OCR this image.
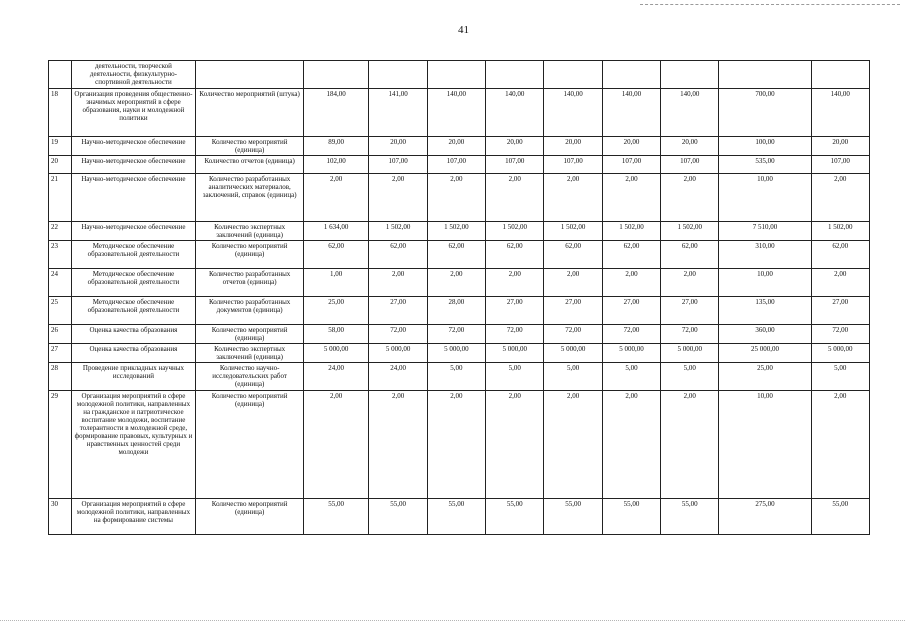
41
	деятельности, творческой деятельности, физкультурно-спортивной деятельности										
18	Организация проведения общественно-значимых мероприятий в сфере образования, науки и молодежной политики	Количество мероприятий (штука)	184,00	141,00	140,00	140,00	140,00	140,00	140,00	700,00	140,00
19	Научно-методическое обеспечение	Количество мероприятий (единица)	89,00	20,00	20,00	20,00	20,00	20,00	20,00	100,00	20,00
20	Научно-методическое обеспечение	Количество отчетов (единица)	102,00	107,00	107,00	107,00	107,00	107,00	107,00	535,00	107,00
21	Научно-методическое обеспечение	Количество разработанных аналитических материалов, заключений, справок (единица)	2,00	2,00	2,00	2,00	2,00	2,00	2,00	10,00	2,00
22	Научно-методическое обеспечение	Количество экспертных заключений (единица)	1 634,00	1 502,00	1 502,00	1 502,00	1 502,00	1 502,00	1 502,00	7 510,00	1 502,00
23	Методическое обеспечение образовательной деятельности	Количество мероприятий (единица)	62,00	62,00	62,00	62,00	62,00	62,00	62,00	310,00	62,00
24	Методическое обеспечение образовательной деятельности	Количество разработанных отчетов (единица)	1,00	2,00	2,00	2,00	2,00	2,00	2,00	10,00	2,00
25	Методическое обеспечение образовательной деятельности	Количество разработанных документов (единица)	25,00	27,00	28,00	27,00	27,00	27,00	27,00	135,00	27,00
26	Оценка качества образования	Количество мероприятий (единица)	58,00	72,00	72,00	72,00	72,00	72,00	72,00	360,00	72,00
27	Оценка качества образования	Количество экспертных заключений (единица)	5 000,00	5 000,00	5 000,00	5 000,00	5 000,00	5 000,00	5 000,00	25 000,00	5 000,00
28	Проведение прикладных научных исследований	Количество научно-исследовательских работ (единица)	24,00	24,00	5,00	5,00	5,00	5,00	5,00	25,00	5,00
29	Организация мероприятий в сфере молодежной политики, направленных на гражданское и патриотическое воспитание молодежи, воспитание толерантности в молодежной среде, формирование правовых, культурных и нравственных ценностей среди молодежи	Количество мероприятий (единица)	2,00	2,00	2,00	2,00	2,00	2,00	2,00	10,00	2,00
30	Организация мероприятий в сфере молодежной политики, направленных на формирование системы	Количество мероприятий (единица)	55,00	55,00	55,00	55,00	55,00	55,00	55,00	275,00	55,00
